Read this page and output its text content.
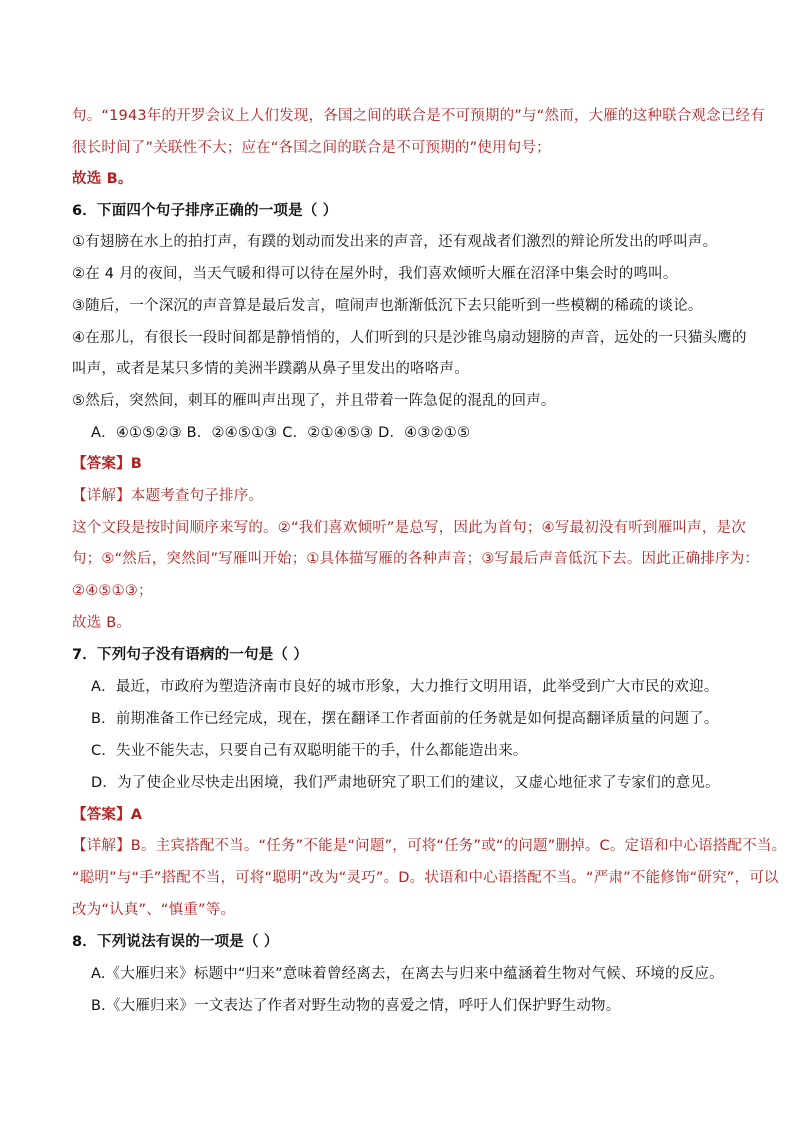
句。“1943年的开罗会议上人们发现，各国之间的联合是不可预期的”与“然而，大雁的这种联合观念已经有
很长时间了”关联性不大；应在“各国之间的联合是不可预期的”使用句号；
故选 B。
6．下面四个句子排序正确的一项是（ ）
①有翅膀在水上的拍打声，有蹼的划动而发出来的声音，还有观战者们激烈的辩论所发出的呼叫声。
②在 4 月的夜间，当天气暖和得可以待在屋外时，我们喜欢倾听大雁在沼泽中集会时的鸣叫。
③随后，一个深沉的声音算是最后发言，喧闹声也渐渐低沉下去只能听到一些模糊的稀疏的谈论。
④在那儿，有很长一段时间都是静悄悄的，人们听到的只是沙锥鸟扇动翅膀的声音，远处的一只猫头鹰的
叫声，或者是某只多情的美洲半蹼鹬从鼻子里发出的咯咯声。
⑤然后，突然间，刺耳的雁叫声出现了，并且带着一阵急促的混乱的回声。
A．④①⑤②③ B．②④⑤①③ C．②①④⑤③ D．④③②①⑤
【答案】B
【详解】本题考查句子排序。
这个文段是按时间顺序来写的。②“我们喜欢倾听”是总写，因此为首句；④写最初没有听到雁叫声，是次
句；⑤“然后，突然间”写雁叫开始；①具体描写雁的各种声音；③写最后声音低沉下去。因此正确排序为：
②④⑤①③；
故选 B。
7．下列句子没有语病的一句是（ ）
A．最近，市政府为塑造济南市良好的城市形象，大力推行文明用语，此举受到广大市民的欢迎。
B．前期准备工作已经完成，现在，摆在翻译工作者面前的任务就是如何提高翻译质量的问题了。
C．失业不能失志，只要自己有双聪明能干的手，什么都能造出来。
D．为了使企业尽快走出困境，我们严肃地研究了职工们的建议，又虚心地征求了专家们的意见。
【答案】A
【详解】B。主宾搭配不当。“任务”不能是“问题”，可将“任务”或“的问题”删掉。C。定语和中心语搭配不当。
“聪明”与“手”搭配不当，可将“聪明”改为“灵巧”。D。状语和中心语搭配不当。“严肃”不能修饰“研究”，可以
改为“认真”、“慎重”等。
8．下列说法有误的一项是（ ）
A.《大雁归来》标题中“归来”意味着曾经离去，在离去与归来中蕴涵着生物对气候、环境的反应。
B.《大雁归来》一文表达了作者对野生动物的喜爱之情，呼吁人们保护野生动物。
